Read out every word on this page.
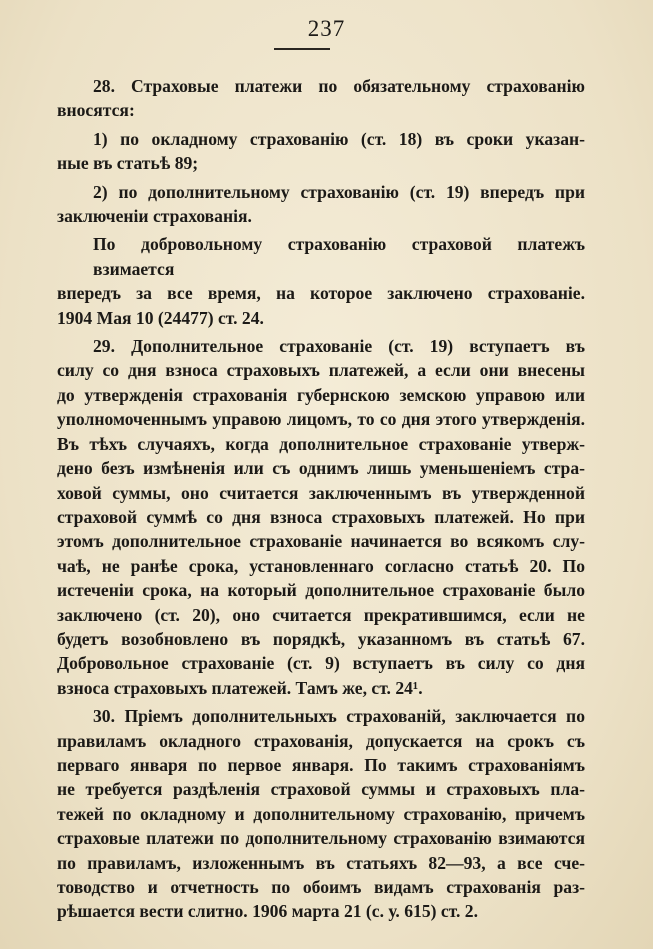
237
28. Страховые платежи по обязательному страхованію
вносятся:
1) по окладному страхованію (ст. 18) въ сроки указан-
ные въ статьѣ 89;
2) по дополнительному страхованію (ст. 19) впередъ при
заключеніи страхованія.
По добровольному страхованію страховой платежъ взимается
впередъ за все время, на которое заключено страхованіе.
1904 Мая 10 (24477) ст. 24.
29. Дополнительное страхованіе (ст. 19) вступаетъ въ
силу со дня взноса страховыхъ платежей, а если они внесены
до утвержденія страхованія губернскою земскою управою или
уполномоченнымъ управою лицомъ, то со дня этого утвержденія.
Въ тѣхъ случаяхъ, когда дополнительное страхованіе утверж-
дено безъ измѣненія или съ однимъ лишь уменьшеніемъ стра-
ховой суммы, оно считается заключеннымъ въ утвержденной
страховой суммѣ со дня взноса страховыхъ платежей. Но при
этомъ дополнительное страхованіе начинается во всякомъ слу-
чаѣ, не ранѣе срока, установленнаго согласно статьѣ 20. По
истеченіи срока, на который дополнительное страхованіе было
заключено (ст. 20), оно считается прекратившимся, если не
будетъ возобновлено въ порядкѣ, указанномъ въ статьѣ 67.
Добровольное страхованіе (ст. 9) вступаетъ въ силу со дня
взноса страховыхъ платежей. Тамъ же, ст. 24¹.
30. Пріемъ дополнительныхъ страхованій, заключается по
правиламъ окладного страхованія, допускается на срокъ съ
перваго января по первое января. По такимъ страхованіямъ
не требуется раздѣленія страховой суммы и страховыхъ пла-
тежей по окладному и дополнительному страхованію, причемъ
страховые платежи по дополнительному страхованію взимаются
по правиламъ, изложеннымъ въ статьяхъ 82—93, а все сче-
товодство и отчетность по обоимъ видамъ страхованія раз-
рѣшается вести слитно. 1906 марта 21 (с. у. 615) ст. 2.
